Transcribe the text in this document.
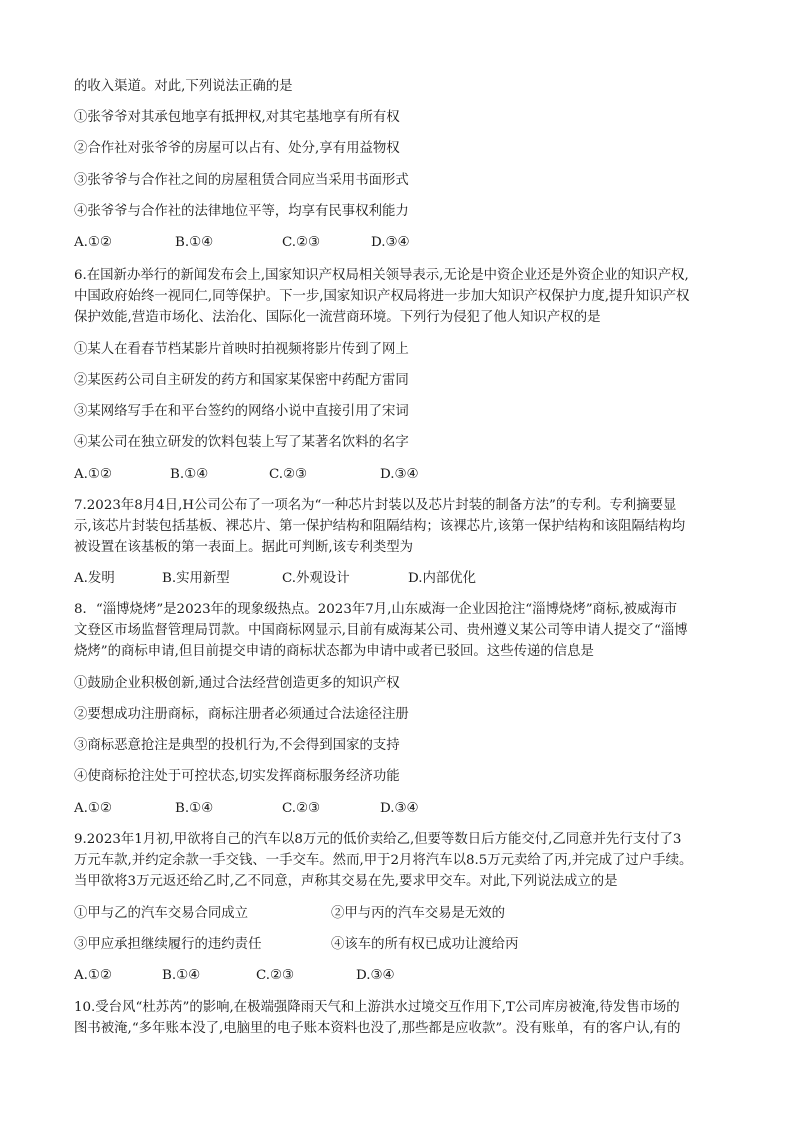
的收入渠道。对此,下列说法正确的是
①张爷爷对其承包地享有抵押权,对其宅基地享有所有权
②合作社对张爷爷的房屋可以占有、处分,享有用益物权
③张爷爷与合作社之间的房屋租赁合同应当采用书面形式
④张爷爷与合作社的法律地位平等，均享有民事权利能力
A.①②	B.①④	C.②③	D.③④
6.在国新办举行的新闻发布会上,国家知识产权局相关领导表示,无论是中资企业还是外资企业的知识产权,
中国政府始终一视同仁,同等保护。下一步,国家知识产权局将进一步加大知识产权保护力度,提升知识产权
保护效能,营造市场化、法治化、国际化一流营商环境。下列行为侵犯了他人知识产权的是
①某人在看春节档某影片首映时拍视频将影片传到了网上
②某医药公司自主研发的药方和国家某保密中药配方雷同
③某网络写手在和平台签约的网络小说中直接引用了宋词
④某公司在独立研发的饮料包装上写了某著名饮料的名字
A.①②	B.①④	C.②③	D.③④
7.2023年8月4日,H公司公布了一项名为“一种芯片封装以及芯片封装的制备方法”的专利。专利摘要显
示,该芯片封装包括基板、裸芯片、第一保护结构和阻隔结构；该裸芯片,该第一保护结构和该阻隔结构均
被设置在该基板的第一表面上。据此可判断,该专利类型为
A.发明	B.实用新型	C.外观设计	D.内部优化
8．“淄博烧烤”是2023年的现象级热点。2023年7月,山东威海一企业因抢注“淄博烧烤”商标,被威海市
文登区市场监督管理局罚款。中国商标网显示,目前有威海某公司、贵州遵义某公司等申请人提交了“淄博
烧烤”的商标申请,但目前提交申请的商标状态都为申请中或者已驳回。这些传递的信息是
①鼓励企业积极创新,通过合法经营创造更多的知识产权
②要想成功注册商标，商标注册者必须通过合法途径注册
③商标恶意抢注是典型的投机行为,不会得到国家的支持
④使商标抢注处于可控状态,切实发挥商标服务经济功能
A.①②	B.①④	C.②③	D.③④
9.2023年1月初,甲欲将自己的汽车以8万元的低价卖给乙,但要等数日后方能交付,乙同意并先行支付了3
万元车款,并约定余款一手交钱、一手交车。然而,甲于2月将汽车以8.5万元卖给了丙,并完成了过户手续。
当甲欲将3万元返还给乙时,乙不同意，声称其交易在先,要求甲交车。对此,下列说法成立的是
①甲与乙的汽车交易合同成立	②甲与丙的汽车交易是无效的
③甲应承担继续履行的违约责任	④该车的所有权已成功让渡给丙
A.①②	B.①④	C.②③	D.③④
10.受台风“杜苏芮”的影响,在极端强降雨天气和上游洪水过境交互作用下,T公司库房被淹,待发售市场的
图书被淹,“多年账本没了,电脑里的电子账本资料也没了,那些都是应收款”。没有账单，有的客户认,有的
